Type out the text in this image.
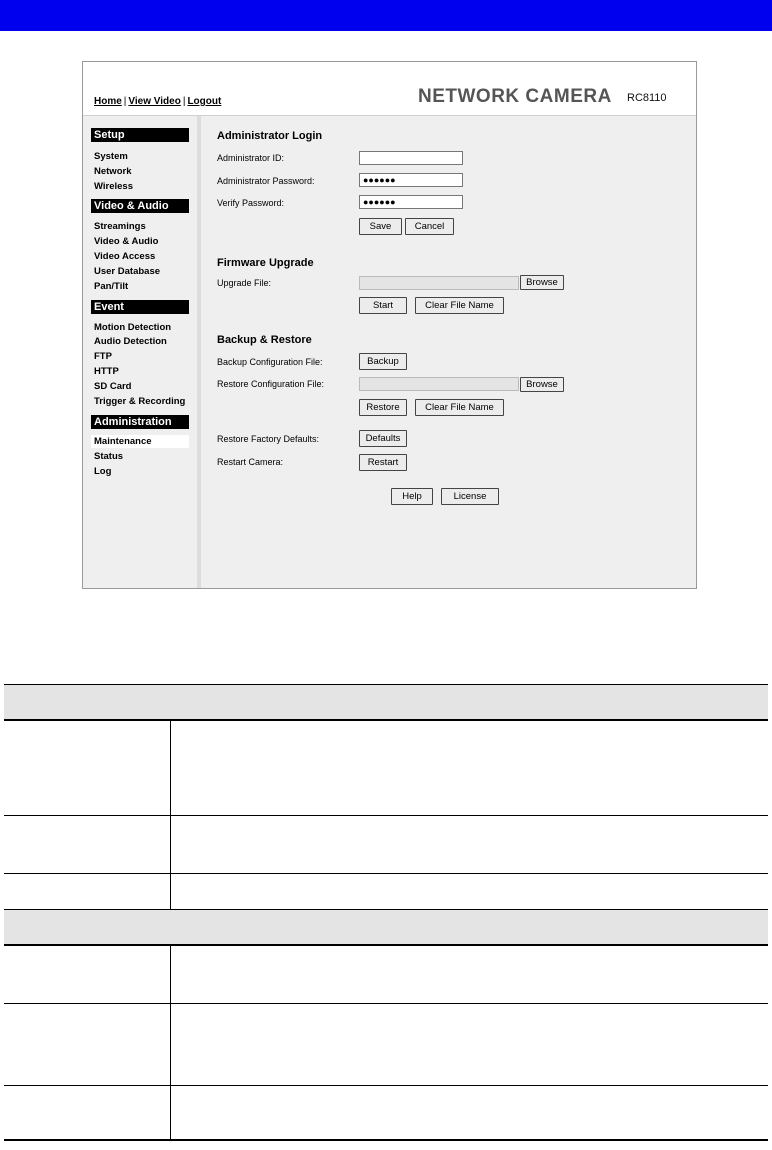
Home | View Video | Logout	NETWORK CAMERA RC8110
Setup
System
Network
Wireless
Video & Audio
Streamings
Video & Audio
Video Access
User Database
Pan/Tilt
Event
Motion Detection
Audio Detection
FTP
HTTP
SD Card
Trigger & Recording
Administration
Maintenance
Status
Log
Administrator Login
Administrator ID:
Administrator Password:	●●●●●●
Verify Password:	●●●●●●
Save	Cancel
Firmware Upgrade
Upgrade File:	Browse
Start	Clear File Name
Backup & Restore
Backup Configuration File:	Backup
Restore Configuration File:	Browse
Restore	Clear File Name
Restore Factory Defaults:	Defaults
Restart Camera:	Restart
Help	License
